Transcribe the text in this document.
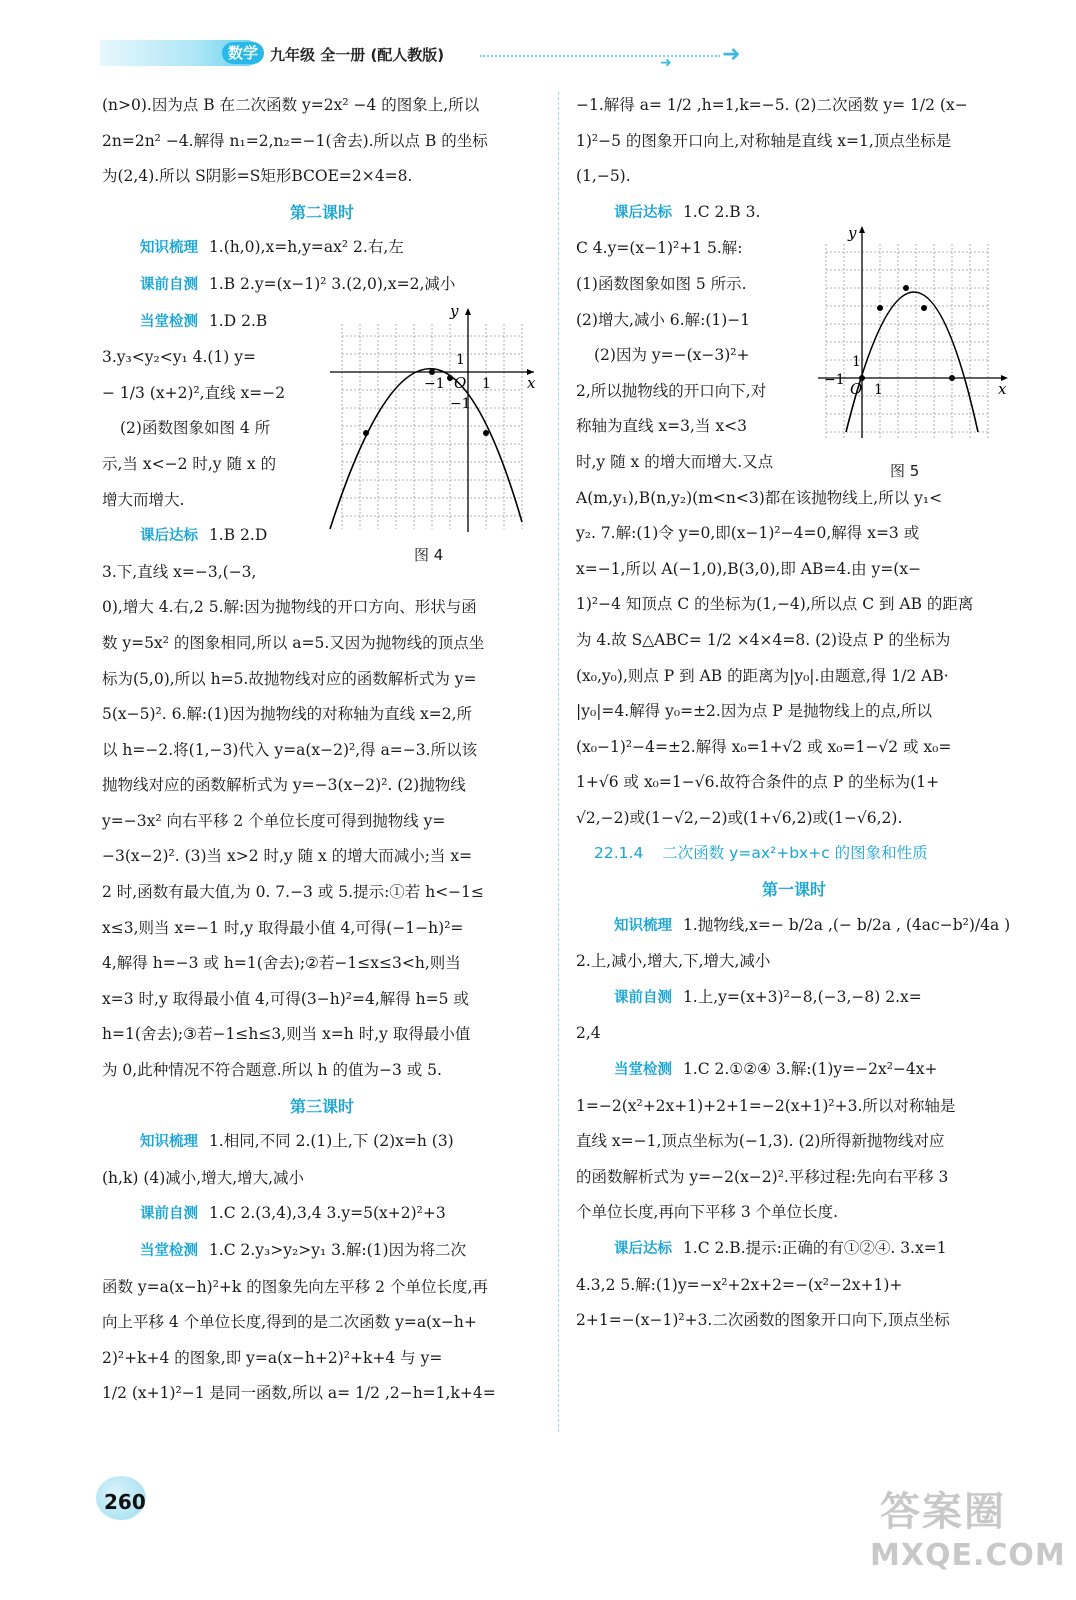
数学 九年级 全一册 (配人教版)	➜ ➜
(n>0).因为点 B 在二次函数 y=2x² −4 的图象上,所以
2n=2n² −4.解得 n₁=2,n₂=−1(舍去).所以点 B 的坐标
为(2,4).所以 S阴影=S矩形BCOE=2×4=8.
第二课时
知识梳理 1.(h,0),x=h,y=ax² 2.右,左
课前自测 1.B 2.y=(x−1)² 3.(2,0),x=2,减小
当堂检测 1.D 2.B
3.y₃<y₂<y₁ 4.(1) y=
− 1/3 (x+2)²,直线 x=−2
(2)函数图象如图 4 所
示,当 x<−2 时,y 随 x 的
增大而增大.
课后达标 1.B 2.D
3.下,直线 x=−3,(−3,
0),增大 4.右,2 5.解:因为抛物线的开口方向、形状与函
数 y=5x² 的图象相同,所以 a=5.又因为抛物线的顶点坐
标为(5,0),所以 h=5.故抛物线对应的函数解析式为 y=
5(x−5)². 6.解:(1)因为抛物线的对称轴为直线 x=2,所
以 h=−2.将(1,−3)代入 y=a(x−2)²,得 a=−3.所以该
抛物线对应的函数解析式为 y=−3(x−2)². (2)抛物线
y=−3x² 向右平移 2 个单位长度可得到抛物线 y=
−3(x−2)². (3)当 x>2 时,y 随 x 的增大而减小;当 x=
2 时,函数有最大值,为 0. 7.−3 或 5.提示:①若 h<−1≤
x≤3,则当 x=−1 时,y 取得最小值 4,可得(−1−h)²=
4,解得 h=−3 或 h=1(舍去);②若−1≤x≤3<h,则当
x=3 时,y 取得最小值 4,可得(3−h)²=4,解得 h=5 或
h=1(舍去);③若−1≤h≤3,则当 x=h 时,y 取得最小值
为 0,此种情况不符合题意.所以 h 的值为−3 或 5.
第三课时
知识梳理 1.相同,不同 2.(1)上,下 (2)x=h (3)
(h,k) (4)减小,增大,增大,减小
课前自测 1.C 2.(3,4),3,4 3.y=5(x+2)²+3
当堂检测 1.C 2.y₃>y₂>y₁ 3.解:(1)因为将二次
函数 y=a(x−h)²+k 的图象先向左平移 2 个单位长度,再
向上平移 4 个单位长度,得到的是二次函数 y=a(x−h+
2)²+k+4 的图象,即 y=a(x−h+2)²+k+4 与 y=
1/2 (x+1)²−1 是同一函数,所以 a= 1/2 ,2−h=1,k+4=
y
x
O
1
−1
−1
1
图 4
−1.解得 a= 1/2 ,h=1,k=−5. (2)二次函数 y= 1/2 (x−
1)²−5 的图象开口向上,对称轴是直线 x=1,顶点坐标是
(1,−5).
课后达标 1.C 2.B 3.
C 4.y=(x−1)²+1 5.解:
(1)函数图象如图 5 所示.
(2)增大,减小 6.解:(1)−1
(2)因为 y=−(x−3)²+
2,所以抛物线的开口向下,对
称轴为直线 x=3,当 x<3
时,y 随 x 的增大而增大.又点
A(m,y₁),B(n,y₂)(m<n<3)都在该抛物线上,所以 y₁<
y₂. 7.解:(1)令 y=0,即(x−1)²−4=0,解得 x=3 或
x=−1,所以 A(−1,0),B(3,0),即 AB=4.由 y=(x−
1)²−4 知顶点 C 的坐标为(1,−4),所以点 C 到 AB 的距离
为 4.故 S△ABC= 1/2 ×4×4=8. (2)设点 P 的坐标为
(x₀,y₀),则点 P 到 AB 的距离为|y₀|.由题意,得 1/2 AB·
|y₀|=4.解得 y₀=±2.因为点 P 是抛物线上的点,所以
(x₀−1)²−4=±2.解得 x₀=1+√2 或 x₀=1−√2 或 x₀=
1+√6 或 x₀=1−√6.故符合条件的点 P 的坐标为(1+
√2,−2)或(1−√2,−2)或(1+√6,2)或(1−√6,2).
22.1.4 二次函数 y=ax²+bx+c 的图象和性质
第一课时
知识梳理 1.抛物线,x=− b/2a ,(− b/2a , (4ac−b²)/4a )
2.上,减小,增大,下,增大,减小
课前自测 1.上,y=(x+3)²−8,(−3,−8) 2.x=
2,4
当堂检测 1.C 2.①②④ 3.解:(1)y=−2x²−4x+
1=−2(x²+2x+1)+2+1=−2(x+1)²+3.所以对称轴是
直线 x=−1,顶点坐标为(−1,3). (2)所得新抛物线对应
的函数解析式为 y=−2(x−2)².平移过程:先向右平移 3
个单位长度,再向下平移 3 个单位长度.
课后达标 1.C 2.B.提示:正确的有①②④. 3.x=1
4.3,2 5.解:(1)y=−x²+2x+2=−(x²−2x+1)+
2+1=−(x−1)²+3.二次函数的图象开口向下,顶点坐标
y
x
O
1
−1
1
图 5
260	答案圈
MXQE.COM
